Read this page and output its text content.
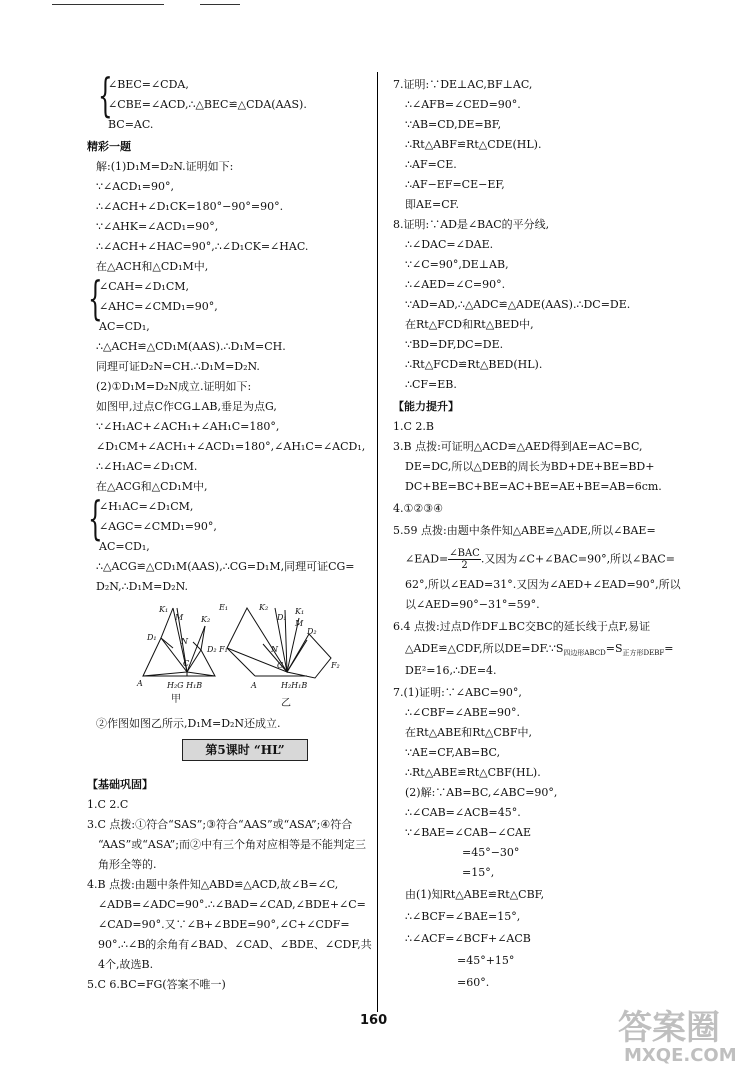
{
∠BEC=∠CDA,
∠CBE=∠ACD,∴△BEC≌△CDA(AAS).
BC=AC.
精彩一题
解:(1)D₁M=D₂N.证明如下:
∵∠ACD₁=90°,
∴∠ACH+∠D₁CK=180°−90°=90°.
∵∠AHK=∠ACD₁=90°,
∴∠ACH+∠HAC=90°,∴∠D₁CK=∠HAC.
在△ACH和△CD₁M中,
{
∠CAH=∠D₁CM,
∠AHC=∠CMD₁=90°,
AC=CD₁,
∴△ACH≌△CD₁M(AAS).∴D₁M=CH.
同理可证D₂N=CH.∴D₁M=D₂N.
(2)①D₁M=D₂N成立.证明如下:
如图甲,过点C作CG⊥AB,垂足为点G,
∵∠H₁AC+∠ACH₁+∠AH₁C=180°,
∠D₁CM+∠ACH₁+∠ACD₁=180°,∠AH₁C=∠ACD₁,
∴∠H₁AC=∠D₁CM.
在△ACG和△CD₁M中,
{
∠H₁AC=∠D₁CM,
∠AGC=∠CMD₁=90°,
AC=CD₁,
∴△ACG≌△CD₁M(AAS),∴CG=D₁M,同理可证CG=
D₂N,∴D₁M=D₂N.
K₁
M
D₁	N
K₂
D₂
C
A	H₂G H₁B
E₁	K₂
D₁
K₁
M
D₂
F₁	N
C	F₂
A	H₂H₁B
甲	乙
②作图如图乙所示,D₁M=D₂N还成立.
第5课时 “HL”
【基础巩固】
1.C 2.C
3.C 点拨:①符合“SAS”;③符合“AAS”或“ASA”;④符合
“AAS”或“ASA”;而②中有三个角对应相等是不能判定三
角形全等的.
4.B 点拨:由题中条件知△ABD≌△ACD,故∠B=∠C,
∠ADB=∠ADC=90°.∴∠BAD=∠CAD,∠BDE+∠C=
∠CAD=90°.又∵∠B+∠BDE=90°,∠C+∠CDF=
90°.∴∠B的余角有∠BAD、∠CAD、∠BDE、∠CDF,共
4个,故选B.
5.C 6.BC=FG(答案不唯一)
7.证明:∵DE⊥AC,BF⊥AC,
∴∠AFB=∠CED=90°.
∵AB=CD,DE=BF,
∴Rt△ABF≌Rt△CDE(HL).
∴AF=CE.
∴AF−EF=CE−EF,
即AE=CF.
8.证明:∵AD是∠BAC的平分线,
∴∠DAC=∠DAE.
∵∠C=90°,DE⊥AB,
∴∠AED=∠C=90°.
∵AD=AD,∴△ADC≌△ADE(AAS).∴DC=DE.
在Rt△FCD和Rt△BED中,
∵BD=DF,DC=DE.
∴Rt△FCD≌Rt△BED(HL).
∴CF=EB.
【能力提升】
1.C 2.B
3.B 点拨:可证明△ACD≌△AED得到AE=AC=BC,
DE=DC,所以△DEB的周长为BD+DE+BE=BD+
DC+BE=BC+BE=AC+BE=AE+BE=AB=6cm.
4.①②③④
5.59 点拨:由题中条件知△ABE≌△ADE,所以∠BAE=
∠EAD= $\frac{\text{∠BAC}}{2}$ .又因为∠C+∠BAC=90°,所以∠BAC=
62°,所以∠EAD=31°.又因为∠AED+∠EAD=90°,所以
以∠AED=90°−31°=59°.
6.4 点拨:过点D作DF⊥BC交BC的延长线于点F,易证
△ADE≌△CDF,所以$DE=DF.\because S_{四边形ABCD}=S_{正方形DEBF}=$
DE²=16,∴DE=4.
7.(1)证明:∵∠ABC=90°,
∴∠CBF=∠ABE=90°.
在Rt△ABE和Rt△CBF中,
∵AE=CF,AB=BC,
∴Rt△ABE≌Rt△CBF(HL).
(2)解:∵AB=BC,∠ABC=90°,
∴∠CAB=∠ACB=45°.
∵∠BAE=∠CAB−∠CAE
=45°−30°
=15°,
由(1)知Rt△ABE≌Rt△CBF,
∴∠BCF=∠BAE=15°,
∴∠ACF=∠BCF+∠ACB
=45°+15°
=60°.
160	答案圈
MXQE.COM
